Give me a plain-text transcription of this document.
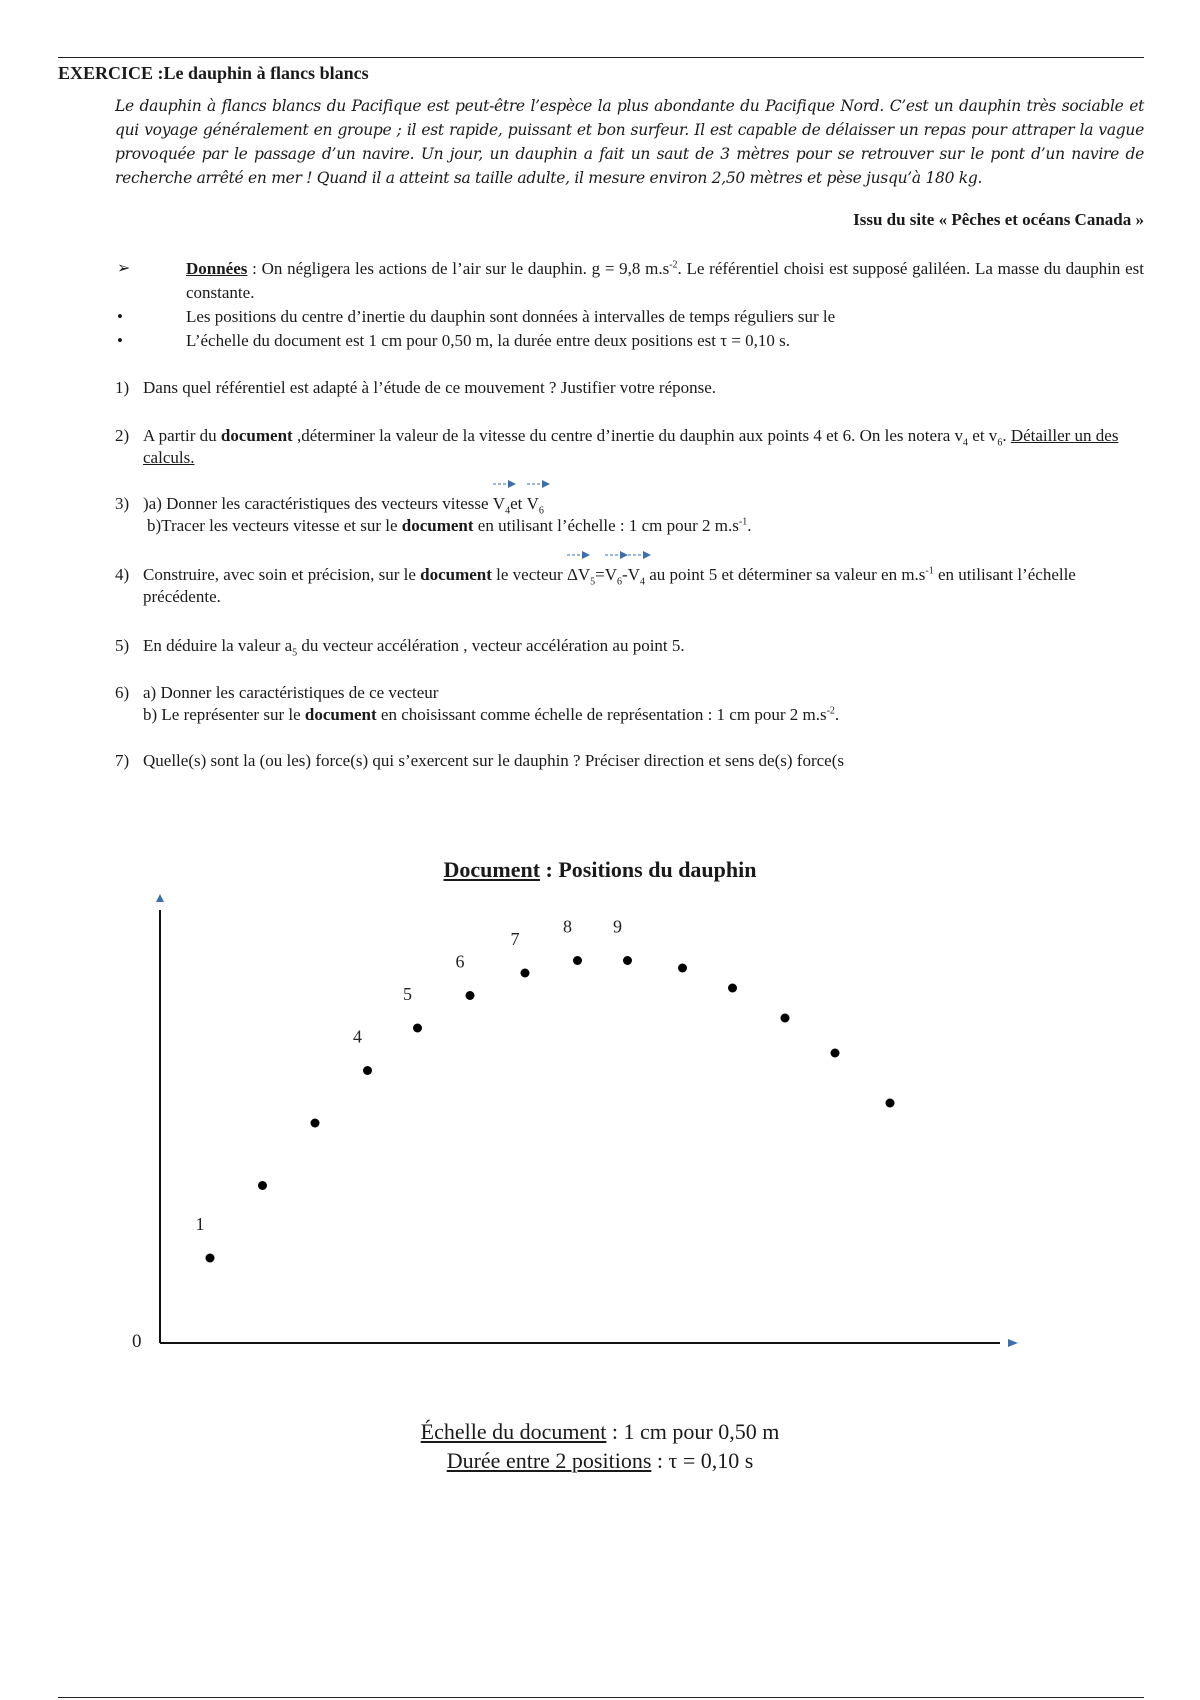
EXERCICE :Le dauphin à flancs blancs
Le dauphin à flancs blancs du Pacifique est peut-être l’espèce la plus abondante du Pacifique Nord. C’est un dauphin très sociable et qui voyage généralement en groupe ; il est rapide, puissant et bon surfeur. Il est capable de délaisser un repas pour attraper la vague provoquée par le passage d’un navire. Un jour, un dauphin a fait un saut de 3 mètres pour se retrouver sur le pont d’un navire de recherche arrêté en mer ! Quand il a atteint sa taille adulte, il mesure environ 2,50 mètres et pèse jusqu’à 180 kg.
Issu du site « Pêches et océans Canada »
➢	Données : On négligera les actions de l’air sur le dauphin. g = 9,8 $m.s^{-2}$. Le référentiel choisi est supposé galiléen. La masse du dauphin est constante.
•	Les positions du centre d’inertie du dauphin sont données à intervalles de temps réguliers sur le
•	L’échelle du document est 1 cm pour 0,50 m, la durée entre deux positions est τ = 0,10 s.
1) Dans quel référentiel est adapté à l’étude de ce mouvement ? Justifier votre réponse.
2) A partir du document ,déterminer la valeur de la vitesse du centre d’inertie du dauphin aux points 4 et 6. On les notera $v_4$ et $v_6$. Détailler un des calculs.
3) )a) Donner les caractéristiques des vecteurs vitesse
$V_4et$
$V_6$
b)Tracer les vecteurs vitesse et sur le document en utilisant l’échelle : 1 cm pour 2 $m.s^{-1}$.
4) Construire, avec soin et précision, sur le document le vecteur
$\Delta V_5=$
$V_6-$
$V_4$ au point 5 et déterminer sa valeur en $m.s^{-1}$ en utilisant l’échelle précédente.
5) En déduire la valeur $a_5$ du vecteur accélération , vecteur accélération au point 5.
6) a) Donner les caractéristiques de ce vecteur
b) Le représenter sur le document en choisissant comme échelle de représentation : 1 cm pour 2 $m.s^{-2}$.
7) Quelle(s) sont la (ou les) force(s) qui s’exercent sur le dauphin ? Préciser direction et sens de(s) force(s
Document : Positions du dauphin
0
1
4
5
6
7
8 9
Échelle du document : 1 cm pour 0,50 m
Durée entre 2 positions : τ = 0,10 s
